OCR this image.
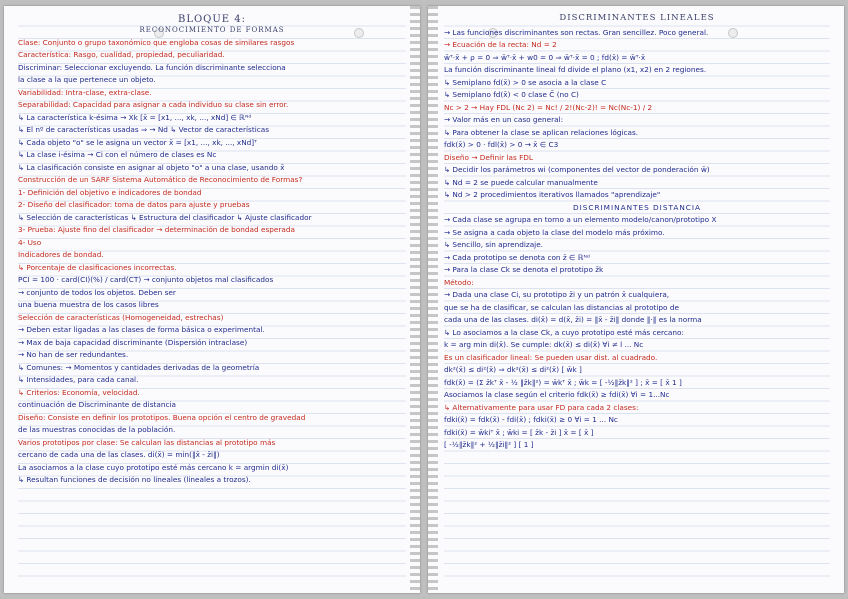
BLOQUE 4:
RECONOCIMIENTO DE FORMAS
Clase: Conjunto o grupo taxonómico que engloba cosas de similares rasgos
Característica: Rasgo, cualidad, propiedad, peculiaridad.
Discriminar: Seleccionar excluyendo. La función discriminante selecciona
la clase a la que pertenece un objeto.
Variabilidad: Intra-clase, extra-clase.
Separabilidad: Capacidad para asignar a cada individuo su clase sin error.
↳ La característica k-ésima → Xk [x̄ = [x1, ..., xk, ..., xNd] ∈ ℝᴺᵈ
↳ El nº de características usadas ⇒ → Nd ↳ Vector de características
↳ Cada objeto "o" se le asigna un vector x̄ = [x1, ..., xk, ..., xNd]ᵀ
↳ La clase i-ésima → Ci con el número de clases es Nc
↳ La clasificación consiste en asignar al objeto "o" a una clase, usando x̄
Construcción de un SARF Sistema Automático de Reconocimiento de Formas?
1- Definición del objetivo e indicadores de bondad
2- Diseño del clasificador: toma de datos para ajuste y pruebas
↳ Selección de características ↳ Estructura del clasificador ↳ Ajuste clasificador
3- Prueba: Ajuste fino del clasificador → determinación de bondad esperada
4- Uso
Indicadores de bondad.
↳ Porcentaje de clasificaciones incorrectas.
PCI = 100 · card(CI)(%) / card(CT) → conjunto objetos mal clasificados
→ conjunto de todos los objetos. Deben ser
una buena muestra de los casos libres
Selección de características (Homogeneidad, estrechas)
→ Deben estar ligadas a las clases de forma básica o experimental.
→ Max de baja capacidad discriminante (Dispersión intraclase)
→ No han de ser redundantes.
↳ Comunes: → Momentos y cantidades derivadas de la geometría
↳ Intensidades, para cada canal.
↳ Criterios: Economía, velocidad.
continuación de Discriminante de distancia
Diseño: Consiste en definir los prototipos. Buena opción el centro de gravedad
de las muestras conocidas de la población.
Varios prototipos por clase: Se calculan las distancias al prototipo más
cercano de cada una de las clases. di(x̄) = min(‖x̄ - z̄i‖)
La asociamos a la clase cuyo prototipo esté más cercano k = argmin di(x̄)
↳ Resultan funciones de decisión no lineales (lineales a trozos).
DISCRIMINANTES LINEALES
→ Las funciones discriminantes son rectas. Gran sencillez. Poco general.
→ Ecuación de la recta: Nd = 2
w̄ᵀ·x̄ + ρ = 0 ⇒ w̄ᵀ·x̄ + w0 = 0 ⇒ w̄ᵀ·x̄ = 0 ; fd(x̄) = w̄ᵀ·x̄
La función discriminante lineal fd divide el plano (x1, x2) en 2 regiones.
↳ Semiplano fd(x̄) > 0 se asocia a la clase C
↳ Semiplano fd(x̄) < 0 clase C̄ (no C)
Nc > 2 → Hay FDL (Nc 2) = Nc! / 2!(Nc-2)! = Nc(Nc-1) / 2
→ Valor más en un caso general:
↳ Para obtener la clase se aplican relaciones lógicas.
fdk(x̄) > 0 · fdl(x̄) > 0 → x̄ ∈ C3
Diseño → Definir las FDL
↳ Decidir los parámetros wi (componentes del vector de ponderación w̄)
↳ Nd = 2 se puede calcular manualmente
↳ Nd > 2 procedimientos iterativos llamados "aprendizaje"
DISCRIMINANTES DISTANCIA
→ Cada clase se agrupa en torno a un elemento modelo/canon/prototipo X
→ Se asigna a cada objeto la clase del modelo más próximo.
↳ Sencillo, sin aprendizaje.
→ Cada prototipo se denota con z̄ ∈ ℝᴺᵈ
→ Para la clase Ck se denota el prototipo z̄k
Método:
→ Dada una clase Ci, su prototipo z̄i y un patrón x̄ cualquiera,
que se ha de clasificar, se calculan las distancias al prototipo de
cada una de las clases. di(x̄) = d(x̄, z̄i) = ‖x̄ - z̄i‖ donde ‖·‖ es la norma
↳ Lo asociamos a la clase Ck, a cuyo prototipo esté más cercano:
k = arg min di(x̄). Se cumple: dk(x̄) ≤ di(x̄) ∀i ≠ l ... Nc
Es un clasificador lineal: Se pueden usar dist. al cuadrado.
dk²(x̄) ≤ di²(x̄) ⇒ dk²(x̄) ≤ di²(x̄) [ w̄k ]
fdk(x̄) = (Σ z̄kᵀ x̄ - ½ ‖z̄k‖²) = w̄kᵀ x̄ ; w̄k = [ -½‖z̄k‖² ] ; x̄ = [ x̄ 1 ]
Asociamos la clase según el criterio fdk(x̄) ≥ fdi(x̄) ∀i = 1...Nc
↳ Alternativamente para usar FD para cada 2 clases:
fdki(x̄) = fdk(x̄) - fdi(x̄) ; fdki(x̄) ≥ 0 ∀i = 1 ... Nc
fdki(x̄) = w̄kiᵀ x̄ ; w̄ki = [ z̄k - z̄i ] x̄ = [ x̄ ]
[ -½‖z̄k‖² + ½‖z̄i‖² ] [ 1 ]
